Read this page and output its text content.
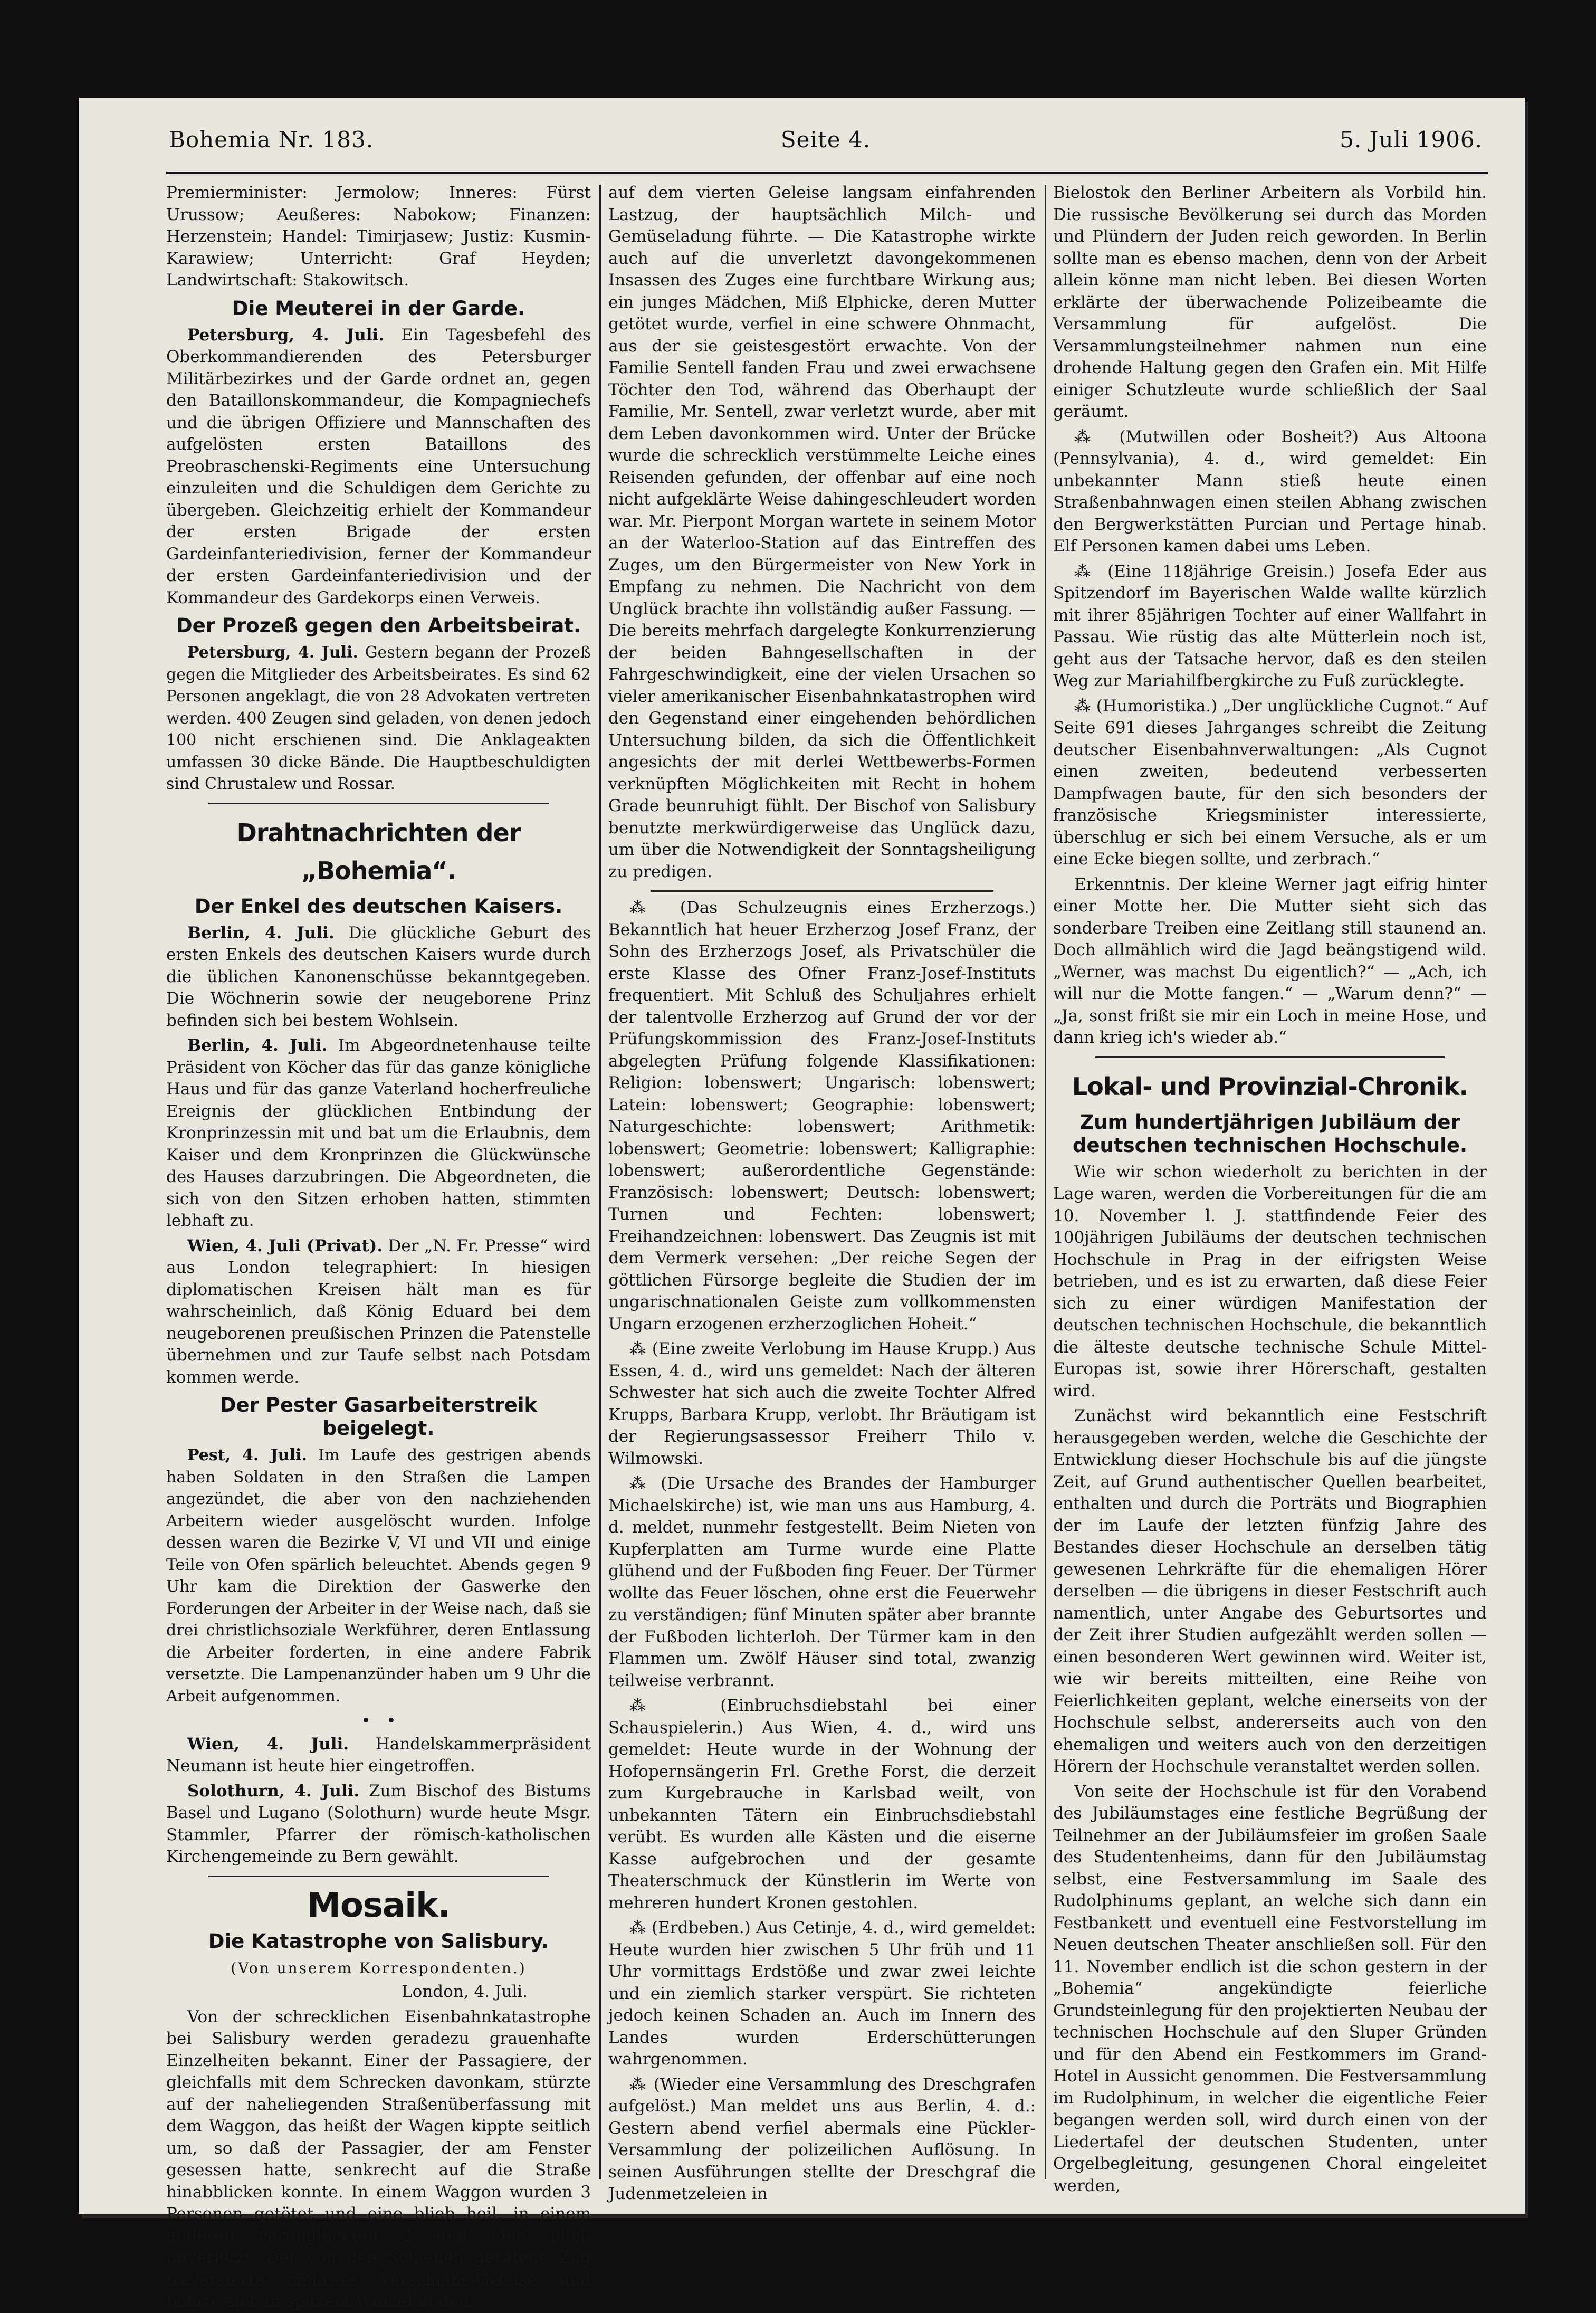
Bohemia Nr. 183.	Seite 4.	5. Juli 1906.

Premierminister: Jermolow; Inneres: Fürst Urussow; Aeußeres: Nabokow; Finanzen: Herzenstein; Handel: Timirjasew; Justiz: Kusmin-Karawiew; Unterricht: Graf Heyden; Landwirtschaft: Stakowitsch.

Die Meuterei in der Garde.

Petersburg, 4. Juli. Ein Tagesbefehl des Oberkommandierenden des Petersburger Militärbezirkes und der Garde ordnet an, gegen den Bataillonskommandeur, die Kompagniechefs und die übrigen Offiziere und Mannschaften des aufgelösten ersten Bataillons des Preobraschenski-Regiments eine Untersuchung einzuleiten und die Schuldigen dem Gerichte zu übergeben. Gleichzeitig erhielt der Kommandeur der ersten Brigade der ersten Gardeinfanteriedivision, ferner der Kommandeur der ersten Gardeinfanteriedivision und der Kommandeur des Gardekorps einen Verweis.

Der Prozeß gegen den Arbeitsbeirat.

Petersburg, 4. Juli. Gestern begann der Prozeß gegen die Mitglieder des Arbeitsbeirates. Es sind 62 Personen angeklagt, die von 28 Advokaten vertreten werden. 400 Zeugen sind geladen, von denen jedoch 100 nicht erschienen sind. Die Anklageakten umfassen 30 dicke Bände. Die Hauptbeschuldigten sind Chrustalew und Rossar.

Drahtnachrichten der „Bohemia“.
Der Enkel des deutschen Kaisers.

Berlin, 4. Juli. Die glückliche Geburt des ersten Enkels des deutschen Kaisers wurde durch die üblichen Kanonenschüsse bekanntgegeben. Die Wöchnerin sowie der neugeborene Prinz befinden sich bei bestem Wohlsein.

Berlin, 4. Juli. Im Abgeordnetenhause teilte Präsident von Köcher das für das ganze königliche Haus und für das ganze Vaterland hocherfreuliche Ereignis der glücklichen Entbindung der Kronprinzessin mit und bat um die Erlaubnis, dem Kaiser und dem Kronprinzen die Glückwünsche des Hauses darzubringen. Die Abgeordneten, die sich von den Sitzen erhoben hatten, stimmten lebhaft zu.

Wien, 4. Juli (Privat). Der „N. Fr. Presse“ wird aus London telegraphiert: In hiesigen diplomatischen Kreisen hält man es für wahrscheinlich, daß König Eduard bei dem neugeborenen preußischen Prinzen die Patenstelle übernehmen und zur Taufe selbst nach Potsdam kommen werde.

Der Pester Gasarbeiterstreik beigelegt.

Pest, 4. Juli. Im Laufe des gestrigen abends haben Soldaten in den Straßen die Lampen angezündet, die aber von den nachziehenden Arbeitern wieder ausgelöscht wurden. Infolge dessen waren die Bezirke V, VI und VII und einige Teile von Ofen spärlich beleuchtet. Abends gegen 9 Uhr kam die Direktion der Gaswerke den Forderungen der Arbeiter in der Weise nach, daß sie drei christlichsoziale Werkführer, deren Entlassung die Arbeiter forderten, in eine andere Fabrik versetzte. Die Lampenanzünder haben um 9 Uhr die Arbeit aufgenommen.

•   •

Wien, 4. Juli. Handelskammerpräsident Neumann ist heute hier eingetroffen.

Solothurn, 4. Juli. Zum Bischof des Bistums Basel und Lugano (Solothurn) wurde heute Msgr. Stammler, Pfarrer der römisch-katholischen Kirchengemeinde zu Bern gewählt.

Mosaik.
Die Katastrophe von Salisbury.

(Von unserem Korrespondenten.)

London, 4. Juli.

Von der schrecklichen Eisenbahnkatastrophe bei Salisbury werden geradezu grauenhafte Einzelheiten bekannt. Einer der Passagiere, der gleichfalls mit dem Schrecken davonkam, stürzte auf der naheliegenden Straßenüberfassung mit dem Waggon, das heißt der Wagen kippte seitlich um, so daß der Passagier, der am Fenster gesessen hatte, senkrecht auf die Straße hinabblicken konnte. In einem Waggon wurden 3 Personen getötet und eine blieb heil, in einem anderen verunglückten 2 und eine blieb unverletzt. Der von den Schienen geratene Zug traversierte mehrere Verschiebe-Geleise und bohrte sich in spitzem Winkel in den

auf dem vierten Geleise langsam einfahrenden Lastzug, der hauptsächlich Milch- und Gemüseladung führte. — Die Katastrophe wirkte auch auf die unverletzt davongekommenen Insassen des Zuges eine furchtbare Wirkung aus; ein junges Mädchen, Miß Elphicke, deren Mutter getötet wurde, verfiel in eine schwere Ohnmacht, aus der sie geistesgestört erwachte. Von der Familie Sentell fanden Frau und zwei erwachsene Töchter den Tod, während das Oberhaupt der Familie, Mr. Sentell, zwar verletzt wurde, aber mit dem Leben davonkommen wird. Unter der Brücke wurde die schrecklich verstümmelte Leiche eines Reisenden gefunden, der offenbar auf eine noch nicht aufgeklärte Weise dahingeschleudert worden war. Mr. Pierpont Morgan wartete in seinem Motor an der Waterloo-Station auf das Eintreffen des Zuges, um den Bürgermeister von New York in Empfang zu nehmen. Die Nachricht von dem Unglück brachte ihn vollständig außer Fassung. — Die bereits mehrfach dargelegte Konkurrenzierung der beiden Bahngesellschaften in der Fahrgeschwindigkeit, eine der vielen Ursachen so vieler amerikanischer Eisenbahnkatastrophen wird den Gegenstand einer eingehenden behördlichen Untersuchung bilden, da sich die Öffentlichkeit angesichts der mit derlei Wettbewerbs-Formen verknüpften Möglichkeiten mit Recht in hohem Grade beunruhigt fühlt. Der Bischof von Salisbury benutzte merkwürdigerweise das Unglück dazu, um über die Notwendigkeit der Sonntagsheiligung zu predigen.

⁂ (Das Schulzeugnis eines Erzherzogs.) Bekanntlich hat heuer Erzherzog Josef Franz, der Sohn des Erzherzogs Josef, als Privatschüler die erste Klasse des Ofner Franz-Josef-Instituts frequentiert. Mit Schluß des Schuljahres erhielt der talentvolle Erzherzog auf Grund der vor der Prüfungskommission des Franz-Josef-Instituts abgelegten Prüfung folgende Klassifikationen: Religion: lobenswert; Ungarisch: lobenswert; Latein: lobenswert; Geographie: lobenswert; Naturgeschichte: lobenswert; Arithmetik: lobenswert; Geometrie: lobenswert; Kalligraphie: lobenswert; außerordentliche Gegenstände: Französisch: lobenswert; Deutsch: lobenswert; Turnen und Fechten: lobenswert; Freihandzeichnen: lobenswert. Das Zeugnis ist mit dem Vermerk versehen: „Der reiche Segen der göttlichen Fürsorge begleite die Studien der im ungarischnationalen Geiste zum vollkommensten Ungarn erzogenen erzherzoglichen Hoheit.“

⁂ (Eine zweite Verlobung im Hause Krupp.) Aus Essen, 4. d., wird uns gemeldet: Nach der älteren Schwester hat sich auch die zweite Tochter Alfred Krupps, Barbara Krupp, verlobt. Ihr Bräutigam ist der Regierungsassessor Freiherr Thilo v. Wilmowski.

⁂ (Die Ursache des Brandes der Hamburger Michaelskirche) ist, wie man uns aus Hamburg, 4. d. meldet, nunmehr festgestellt. Beim Nieten von Kupferplatten am Turme wurde eine Platte glühend und der Fußboden fing Feuer. Der Türmer wollte das Feuer löschen, ohne erst die Feuerwehr zu verständigen; fünf Minuten später aber brannte der Fußboden lichterloh. Der Türmer kam in den Flammen um. Zwölf Häuser sind total, zwanzig teilweise verbrannt.

⁂ (Einbruchsdiebstahl bei einer Schauspielerin.) Aus Wien, 4. d., wird uns gemeldet: Heute wurde in der Wohnung der Hofopernsängerin Frl. Grethe Forst, die derzeit zum Kurgebrauche in Karlsbad weilt, von unbekannten Tätern ein Einbruchsdiebstahl verübt. Es wurden alle Kästen und die eiserne Kasse aufgebrochen und der gesamte Theaterschmuck der Künstlerin im Werte von mehreren hundert Kronen gestohlen.

⁂ (Erdbeben.) Aus Cetinje, 4. d., wird gemeldet: Heute wurden hier zwischen 5 Uhr früh und 11 Uhr vormittags Erdstöße und zwar zwei leichte und ein ziemlich starker verspürt. Sie richteten jedoch keinen Schaden an. Auch im Innern des Landes wurden Erderschütterungen wahrgenommen.

⁂ (Wieder eine Versammlung des Dreschgrafen aufgelöst.) Man meldet uns aus Berlin, 4. d.: Gestern abend verfiel abermals eine Pückler-Versammlung der polizeilichen Auflösung. In seinen Ausführungen stellte der Dreschgraf die Judenmetzeleien in

Bielostok den Berliner Arbeitern als Vorbild hin. Die russische Bevölkerung sei durch das Morden und Plündern der Juden reich geworden. In Berlin sollte man es ebenso machen, denn von der Arbeit allein könne man nicht leben. Bei diesen Worten erklärte der überwachende Polizeibeamte die Versammlung für aufgelöst. Die Versammlungsteilnehmer nahmen nun eine drohende Haltung gegen den Grafen ein. Mit Hilfe einiger Schutzleute wurde schließlich der Saal geräumt.

⁂ (Mutwillen oder Bosheit?) Aus Altoona (Pennsylvania), 4. d., wird gemeldet: Ein unbekannter Mann stieß heute einen Straßenbahnwagen einen steilen Abhang zwischen den Bergwerkstätten Purcian und Pertage hinab. Elf Personen kamen dabei ums Leben.

⁂ (Eine 118jährige Greisin.) Josefa Eder aus Spitzendorf im Bayerischen Walde wallte kürzlich mit ihrer 85jährigen Tochter auf einer Wallfahrt in Passau. Wie rüstig das alte Mütterlein noch ist, geht aus der Tatsache hervor, daß es den steilen Weg zur Mariahilfbergkirche zu Fuß zurücklegte.

⁂ (Humoristika.) „Der unglückliche Cugnot.“ Auf Seite 691 dieses Jahrganges schreibt die Zeitung deutscher Eisenbahnverwaltungen: „Als Cugnot einen zweiten, bedeutend verbesserten Dampfwagen baute, für den sich besonders der französische Kriegsminister interessierte, überschlug er sich bei einem Versuche, als er um eine Ecke biegen sollte, und zerbrach.“

Erkenntnis. Der kleine Werner jagt eifrig hinter einer Motte her. Die Mutter sieht sich das sonderbare Treiben eine Zeitlang still staunend an. Doch allmählich wird die Jagd beängstigend wild. „Werner, was machst Du eigentlich?“ — „Ach, ich will nur die Motte fangen.“ — „Warum denn?“ — „Ja, sonst frißt sie mir ein Loch in meine Hose, und dann krieg ich's wieder ab.“

Lokal- und Provinzial-Chronik.
Zum hundertjährigen Jubiläum der deutschen technischen Hochschule.

Wie wir schon wiederholt zu berichten in der Lage waren, werden die Vorbereitungen für die am 10. November l. J. stattfindende Feier des 100jährigen Jubiläums der deutschen technischen Hochschule in Prag in der eifrigsten Weise betrieben, und es ist zu erwarten, daß diese Feier sich zu einer würdigen Manifestation der deutschen technischen Hochschule, die bekanntlich die älteste deutsche technische Schule Mittel-Europas ist, sowie ihrer Hörerschaft, gestalten wird.

Zunächst wird bekanntlich eine Festschrift herausgegeben werden, welche die Geschichte der Entwicklung dieser Hochschule bis auf die jüngste Zeit, auf Grund authentischer Quellen bearbeitet, enthalten und durch die Porträts und Biographien der im Laufe der letzten fünfzig Jahre des Bestandes dieser Hochschule an derselben tätig gewesenen Lehrkräfte für die ehemaligen Hörer derselben — die übrigens in dieser Festschrift auch namentlich, unter Angabe des Geburtsortes und der Zeit ihrer Studien aufgezählt werden sollen — einen besonderen Wert gewinnen wird. Weiter ist, wie wir bereits mitteilten, eine Reihe von Feierlichkeiten geplant, welche einerseits von der Hochschule selbst, andererseits auch von den ehemaligen und weiters auch von den derzeitigen Hörern der Hochschule veranstaltet werden sollen.

Von seite der Hochschule ist für den Vorabend des Jubiläumstages eine festliche Begrüßung der Teilnehmer an der Jubiläumsfeier im großen Saale des Studentenheims, dann für den Jubiläumstag selbst, eine Festversammlung im Saale des Rudolphinums geplant, an welche sich dann ein Festbankett und eventuell eine Festvorstellung im Neuen deutschen Theater anschließen soll. Für den 11. November endlich ist die schon gestern in der „Bohemia“ angekündigte feierliche Grundsteinlegung für den projektierten Neubau der technischen Hochschule auf den Sluper Gründen und für den Abend ein Festkommers im Grand-Hotel in Aussicht genommen. Die Festversammlung im Rudolphinum, in welcher die eigentliche Feier begangen werden soll, wird durch einen von der Liedertafel der deutschen Studenten, unter Orgelbegleitung, gesungenen Choral eingeleitet werden,
